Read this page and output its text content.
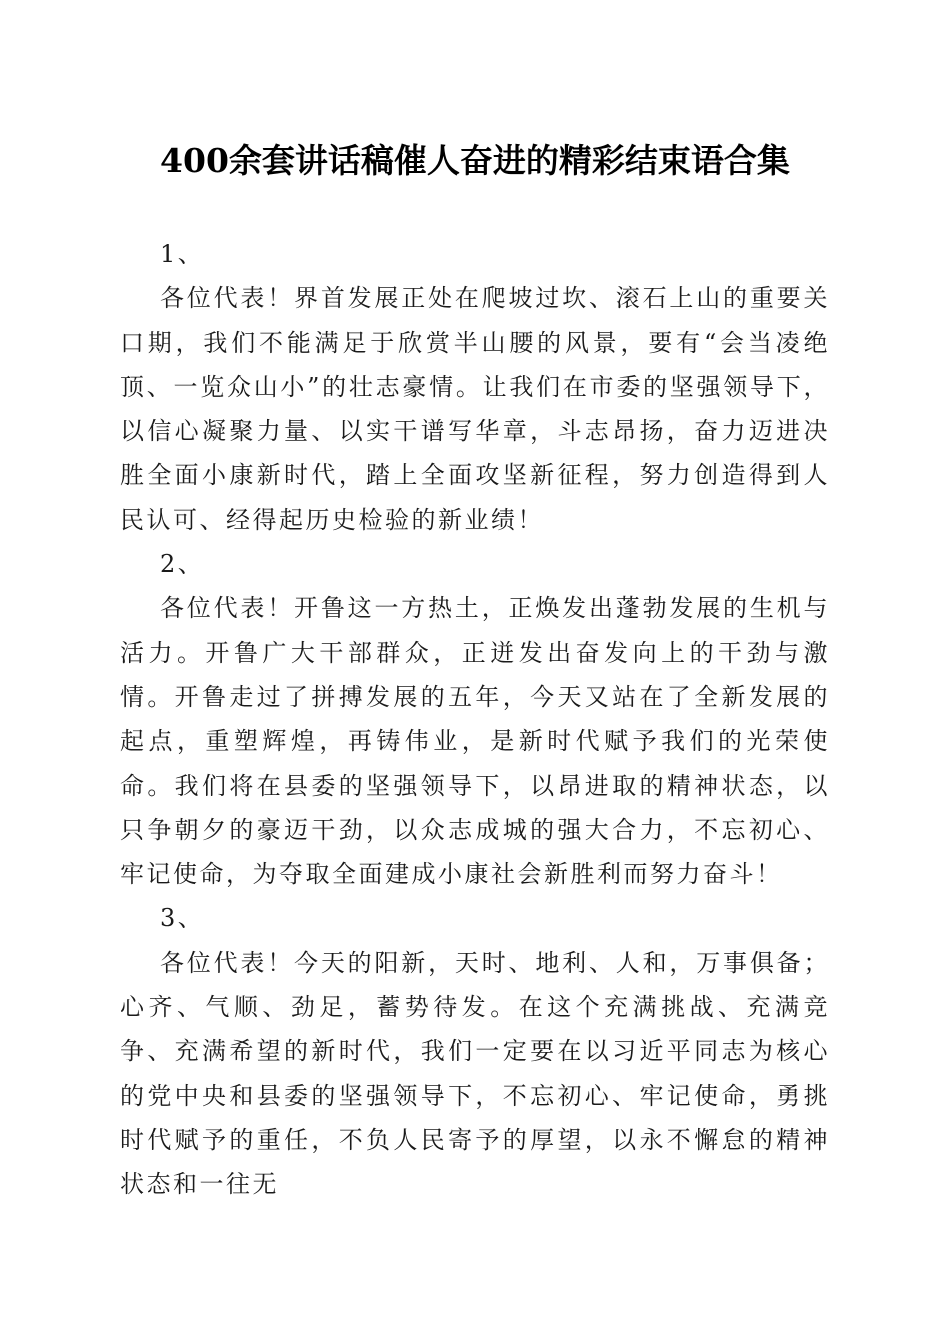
400余套讲话稿催人奋进的精彩结束语合集

1、

各位代表！界首发展正处在爬坡过坎、滚石上山的重要关口期，我们不能满足于欣赏半山腰的风景，要有“会当凌绝顶、一览众山小”的壮志豪情。让我们在市委的坚强领导下，以信心凝聚力量、以实干谱写华章，斗志昂扬，奋力迈进决胜全面小康新时代，踏上全面攻坚新征程，努力创造得到人民认可、经得起历史检验的新业绩！

2、

各位代表！开鲁这一方热土，正焕发出蓬勃发展的生机与活力。开鲁广大干部群众，正迸发出奋发向上的干劲与激情。开鲁走过了拼搏发展的五年，今天又站在了全新发展的起点，重塑辉煌，再铸伟业，是新时代赋予我们的光荣使命。我们将在县委的坚强领导下，以昂进取的精神状态，以只争朝夕的豪迈干劲，以众志成城的强大合力，不忘初心、牢记使命，为夺取全面建成小康社会新胜利而努力奋斗！

3、

各位代表！今天的阳新，天时、地利、人和，万事俱备；心齐、气顺、劲足，蓄势待发。在这个充满挑战、充满竞争、充满希望的新时代，我们一定要在以习近平同志为核心的党中央和县委的坚强领导下，不忘初心、牢记使命，勇挑时代赋予的重任，不负人民寄予的厚望，以永不懈怠的精神状态和一往无
